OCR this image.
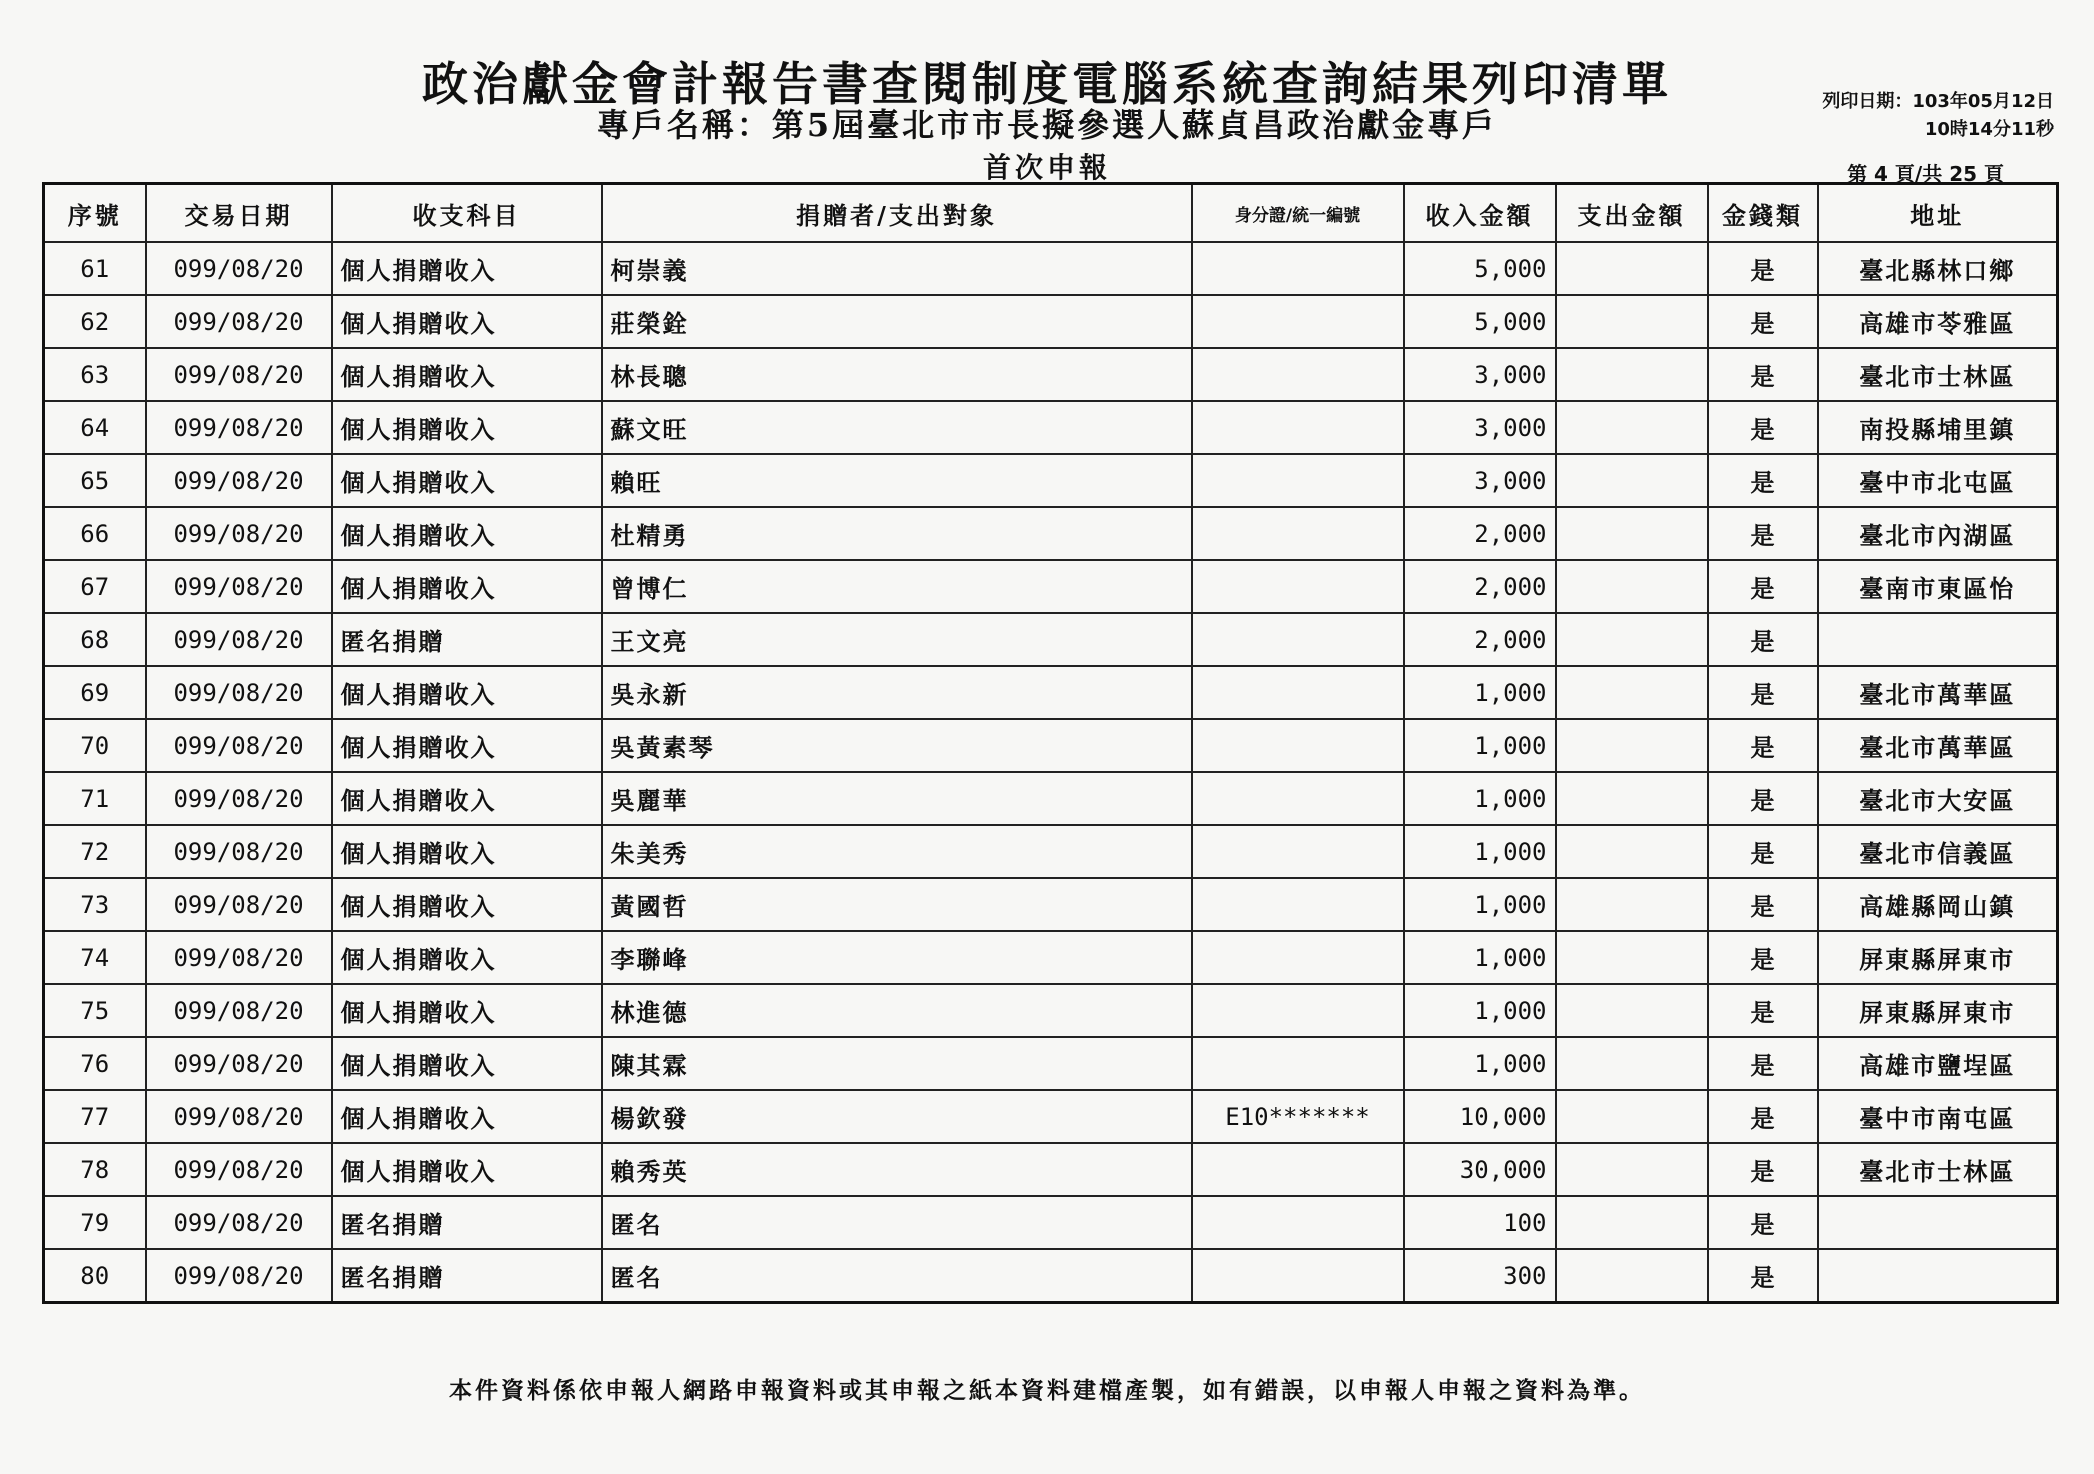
政治獻金會計報告書查閱制度電腦系統查詢結果列印清單
專戶名稱：第5屆臺北市市長擬參選人蘇貞昌政治獻金專戶
首次申報
列印日期：103年05月12日
10時14分11秒
第 4 頁/共 25 頁
序號	交易日期	收支科目	捐贈者/支出對象	身分證/統一編號	收入金額	支出金額	金錢類	地址
61	099/08/20	個人捐贈收入	柯崇義		5,000		是	臺北縣林口鄉
62	099/08/20	個人捐贈收入	莊榮銓		5,000		是	高雄市苓雅區
63	099/08/20	個人捐贈收入	林長聰		3,000		是	臺北市士林區
64	099/08/20	個人捐贈收入	蘇文旺		3,000		是	南投縣埔里鎮
65	099/08/20	個人捐贈收入	賴旺		3,000		是	臺中市北屯區
66	099/08/20	個人捐贈收入	杜精勇		2,000		是	臺北市內湖區
67	099/08/20	個人捐贈收入	曾博仁		2,000		是	臺南市東區怡
68	099/08/20	匿名捐贈	王文亮		2,000		是	
69	099/08/20	個人捐贈收入	吳永新		1,000		是	臺北市萬華區
70	099/08/20	個人捐贈收入	吳黃素琴		1,000		是	臺北市萬華區
71	099/08/20	個人捐贈收入	吳麗華		1,000		是	臺北市大安區
72	099/08/20	個人捐贈收入	朱美秀		1,000		是	臺北市信義區
73	099/08/20	個人捐贈收入	黃國哲		1,000		是	高雄縣岡山鎮
74	099/08/20	個人捐贈收入	李聯峰		1,000		是	屏東縣屏東市
75	099/08/20	個人捐贈收入	林進德		1,000		是	屏東縣屏東市
76	099/08/20	個人捐贈收入	陳其霖		1,000		是	高雄市鹽埕區
77	099/08/20	個人捐贈收入	楊欽發	E10*******	10,000		是	臺中市南屯區
78	099/08/20	個人捐贈收入	賴秀英		30,000		是	臺北市士林區
79	099/08/20	匿名捐贈	匿名		100		是	
80	099/08/20	匿名捐贈	匿名		300		是	
本件資料係依申報人網路申報資料或其申報之紙本資料建檔產製，如有錯誤，以申報人申報之資料為準。
